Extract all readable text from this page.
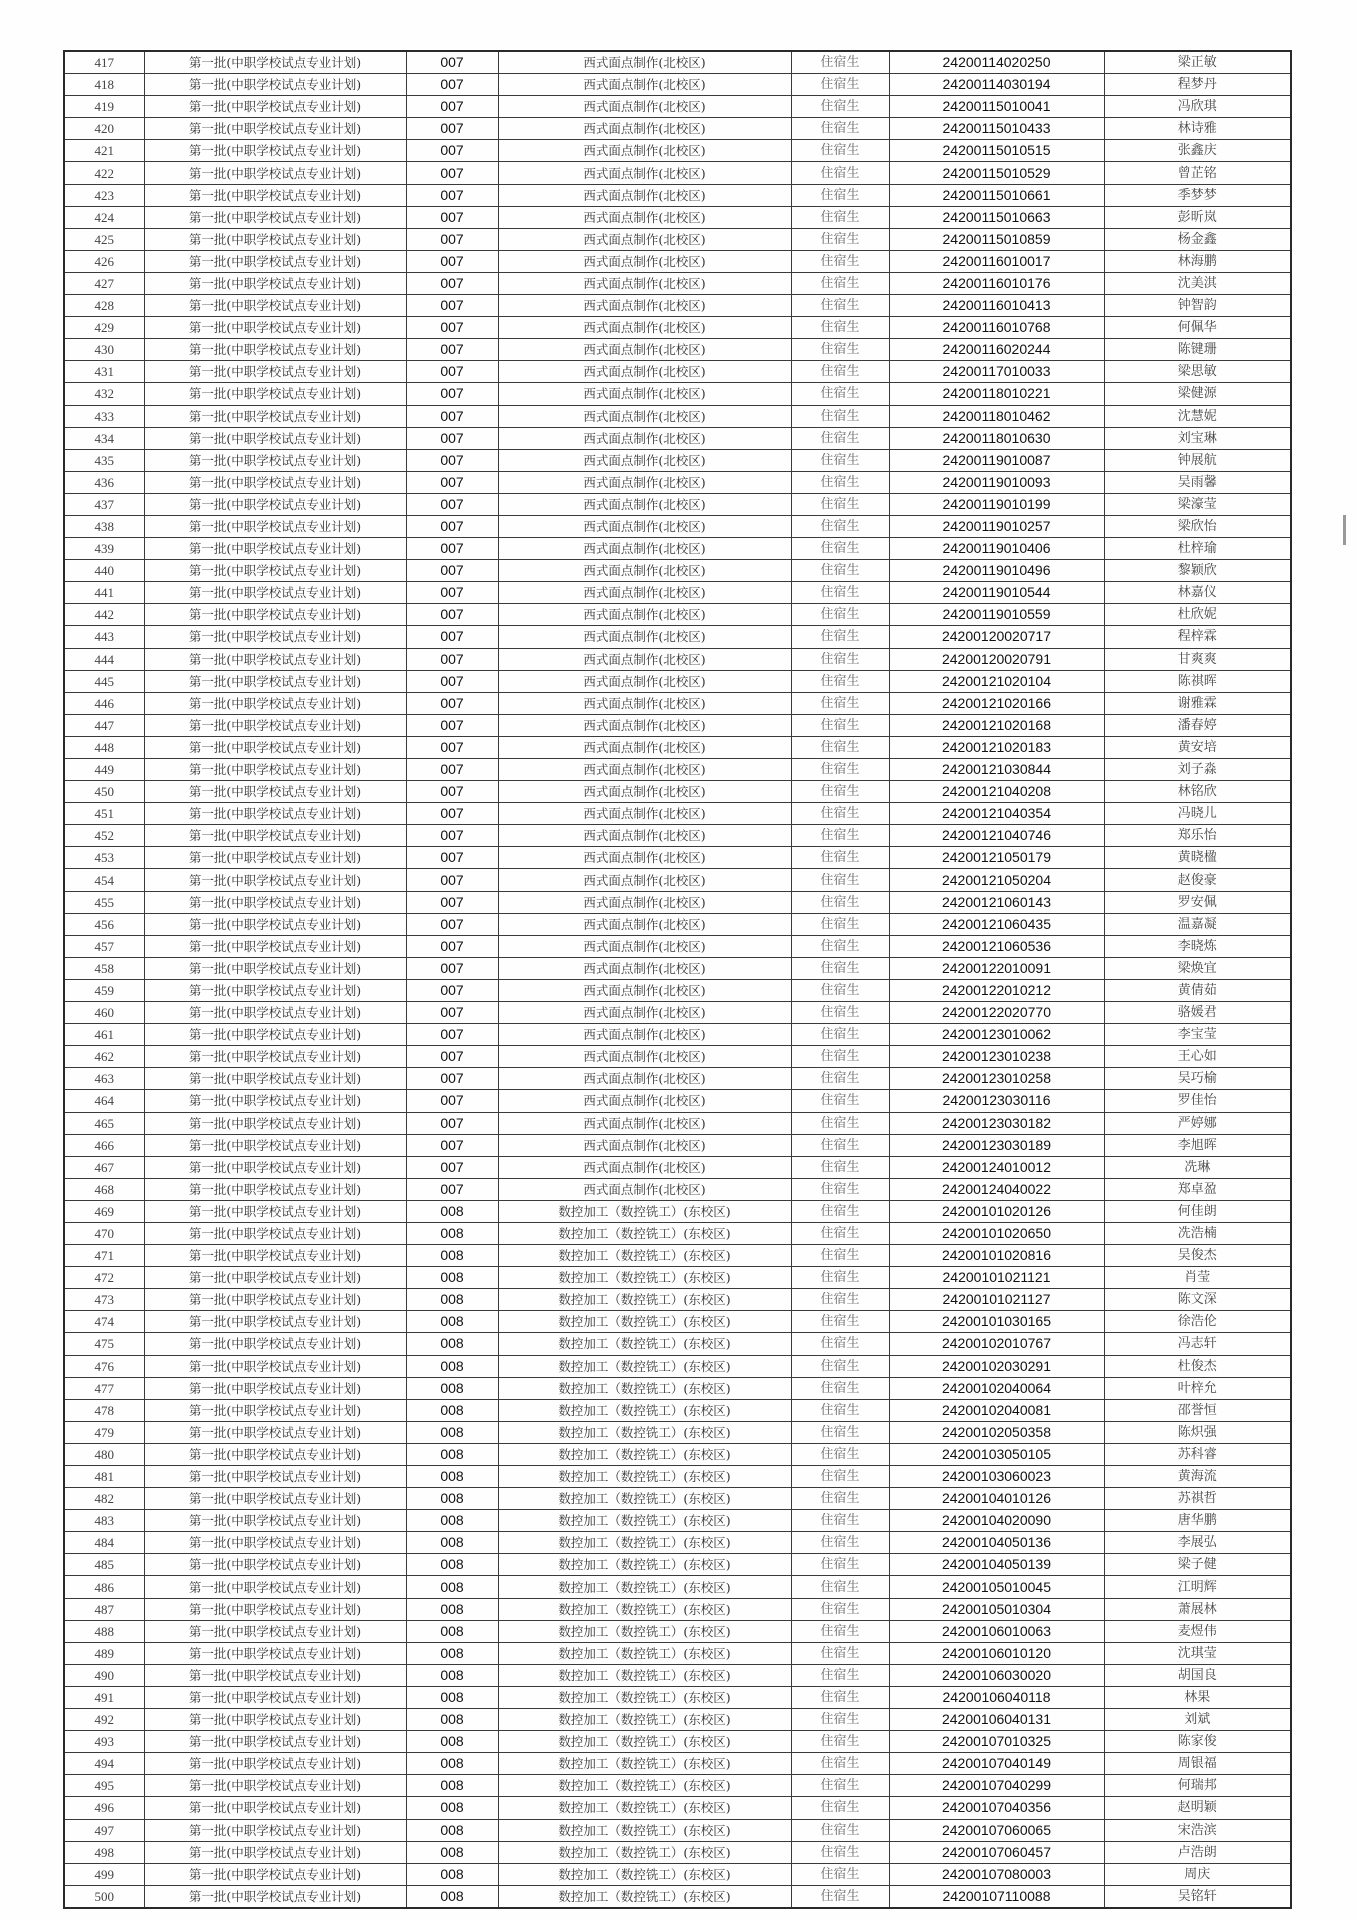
417	第一批(中职学校试点专业计划)	007	西式面点制作(北校区)	住宿生	24200114020250	梁正敏
418	第一批(中职学校试点专业计划)	007	西式面点制作(北校区)	住宿生	24200114030194	程梦丹
419	第一批(中职学校试点专业计划)	007	西式面点制作(北校区)	住宿生	24200115010041	冯欣琪
420	第一批(中职学校试点专业计划)	007	西式面点制作(北校区)	住宿生	24200115010433	林诗雅
421	第一批(中职学校试点专业计划)	007	西式面点制作(北校区)	住宿生	24200115010515	张鑫庆
422	第一批(中职学校试点专业计划)	007	西式面点制作(北校区)	住宿生	24200115010529	曾芷铭
423	第一批(中职学校试点专业计划)	007	西式面点制作(北校区)	住宿生	24200115010661	季梦梦
424	第一批(中职学校试点专业计划)	007	西式面点制作(北校区)	住宿生	24200115010663	彭昕岚
425	第一批(中职学校试点专业计划)	007	西式面点制作(北校区)	住宿生	24200115010859	杨金鑫
426	第一批(中职学校试点专业计划)	007	西式面点制作(北校区)	住宿生	24200116010017	林海鹏
427	第一批(中职学校试点专业计划)	007	西式面点制作(北校区)	住宿生	24200116010176	沈美淇
428	第一批(中职学校试点专业计划)	007	西式面点制作(北校区)	住宿生	24200116010413	钟智韵
429	第一批(中职学校试点专业计划)	007	西式面点制作(北校区)	住宿生	24200116010768	何佩华
430	第一批(中职学校试点专业计划)	007	西式面点制作(北校区)	住宿生	24200116020244	陈键珊
431	第一批(中职学校试点专业计划)	007	西式面点制作(北校区)	住宿生	24200117010033	梁思敏
432	第一批(中职学校试点专业计划)	007	西式面点制作(北校区)	住宿生	24200118010221	梁健源
433	第一批(中职学校试点专业计划)	007	西式面点制作(北校区)	住宿生	24200118010462	沈慧妮
434	第一批(中职学校试点专业计划)	007	西式面点制作(北校区)	住宿生	24200118010630	刘宝琳
435	第一批(中职学校试点专业计划)	007	西式面点制作(北校区)	住宿生	24200119010087	钟展航
436	第一批(中职学校试点专业计划)	007	西式面点制作(北校区)	住宿生	24200119010093	吴雨馨
437	第一批(中职学校试点专业计划)	007	西式面点制作(北校区)	住宿生	24200119010199	梁濠莹
438	第一批(中职学校试点专业计划)	007	西式面点制作(北校区)	住宿生	24200119010257	梁欣怡
439	第一批(中职学校试点专业计划)	007	西式面点制作(北校区)	住宿生	24200119010406	杜梓瑜
440	第一批(中职学校试点专业计划)	007	西式面点制作(北校区)	住宿生	24200119010496	黎颖欣
441	第一批(中职学校试点专业计划)	007	西式面点制作(北校区)	住宿生	24200119010544	林嘉仪
442	第一批(中职学校试点专业计划)	007	西式面点制作(北校区)	住宿生	24200119010559	杜欣妮
443	第一批(中职学校试点专业计划)	007	西式面点制作(北校区)	住宿生	24200120020717	程梓霖
444	第一批(中职学校试点专业计划)	007	西式面点制作(北校区)	住宿生	24200120020791	甘爽爽
445	第一批(中职学校试点专业计划)	007	西式面点制作(北校区)	住宿生	24200121020104	陈祺晖
446	第一批(中职学校试点专业计划)	007	西式面点制作(北校区)	住宿生	24200121020166	谢雅霖
447	第一批(中职学校试点专业计划)	007	西式面点制作(北校区)	住宿生	24200121020168	潘春婷
448	第一批(中职学校试点专业计划)	007	西式面点制作(北校区)	住宿生	24200121020183	黄安培
449	第一批(中职学校试点专业计划)	007	西式面点制作(北校区)	住宿生	24200121030844	刘子淼
450	第一批(中职学校试点专业计划)	007	西式面点制作(北校区)	住宿生	24200121040208	林铭欣
451	第一批(中职学校试点专业计划)	007	西式面点制作(北校区)	住宿生	24200121040354	冯晓儿
452	第一批(中职学校试点专业计划)	007	西式面点制作(北校区)	住宿生	24200121040746	郑乐怡
453	第一批(中职学校试点专业计划)	007	西式面点制作(北校区)	住宿生	24200121050179	黄晓楹
454	第一批(中职学校试点专业计划)	007	西式面点制作(北校区)	住宿生	24200121050204	赵俊豪
455	第一批(中职学校试点专业计划)	007	西式面点制作(北校区)	住宿生	24200121060143	罗安佩
456	第一批(中职学校试点专业计划)	007	西式面点制作(北校区)	住宿生	24200121060435	温嘉凝
457	第一批(中职学校试点专业计划)	007	西式面点制作(北校区)	住宿生	24200121060536	李晓炼
458	第一批(中职学校试点专业计划)	007	西式面点制作(北校区)	住宿生	24200122010091	梁焕宜
459	第一批(中职学校试点专业计划)	007	西式面点制作(北校区)	住宿生	24200122010212	黄倩茹
460	第一批(中职学校试点专业计划)	007	西式面点制作(北校区)	住宿生	24200122020770	骆媛君
461	第一批(中职学校试点专业计划)	007	西式面点制作(北校区)	住宿生	24200123010062	李宝莹
462	第一批(中职学校试点专业计划)	007	西式面点制作(北校区)	住宿生	24200123010238	王心如
463	第一批(中职学校试点专业计划)	007	西式面点制作(北校区)	住宿生	24200123010258	吴巧榆
464	第一批(中职学校试点专业计划)	007	西式面点制作(北校区)	住宿生	24200123030116	罗佳怡
465	第一批(中职学校试点专业计划)	007	西式面点制作(北校区)	住宿生	24200123030182	严婷娜
466	第一批(中职学校试点专业计划)	007	西式面点制作(北校区)	住宿生	24200123030189	李旭晖
467	第一批(中职学校试点专业计划)	007	西式面点制作(北校区)	住宿生	24200124010012	冼琳
468	第一批(中职学校试点专业计划)	007	西式面点制作(北校区)	住宿生	24200124040022	郑卓盈
469	第一批(中职学校试点专业计划)	008	数控加工（数控铣工）(东校区)	住宿生	24200101020126	何佳朗
470	第一批(中职学校试点专业计划)	008	数控加工（数控铣工）(东校区)	住宿生	24200101020650	冼浩楠
471	第一批(中职学校试点专业计划)	008	数控加工（数控铣工）(东校区)	住宿生	24200101020816	吴俊杰
472	第一批(中职学校试点专业计划)	008	数控加工（数控铣工）(东校区)	住宿生	24200101021121	肖莹
473	第一批(中职学校试点专业计划)	008	数控加工（数控铣工）(东校区)	住宿生	24200101021127	陈文深
474	第一批(中职学校试点专业计划)	008	数控加工（数控铣工）(东校区)	住宿生	24200101030165	徐浩伦
475	第一批(中职学校试点专业计划)	008	数控加工（数控铣工）(东校区)	住宿生	24200102010767	冯志轩
476	第一批(中职学校试点专业计划)	008	数控加工（数控铣工）(东校区)	住宿生	24200102030291	杜俊杰
477	第一批(中职学校试点专业计划)	008	数控加工（数控铣工）(东校区)	住宿生	24200102040064	叶梓允
478	第一批(中职学校试点专业计划)	008	数控加工（数控铣工）(东校区)	住宿生	24200102040081	邵誉恒
479	第一批(中职学校试点专业计划)	008	数控加工（数控铣工）(东校区)	住宿生	24200102050358	陈炽强
480	第一批(中职学校试点专业计划)	008	数控加工（数控铣工）(东校区)	住宿生	24200103050105	苏科睿
481	第一批(中职学校试点专业计划)	008	数控加工（数控铣工）(东校区)	住宿生	24200103060023	黄海流
482	第一批(中职学校试点专业计划)	008	数控加工（数控铣工）(东校区)	住宿生	24200104010126	苏祺哲
483	第一批(中职学校试点专业计划)	008	数控加工（数控铣工）(东校区)	住宿生	24200104020090	唐华鹏
484	第一批(中职学校试点专业计划)	008	数控加工（数控铣工）(东校区)	住宿生	24200104050136	李展弘
485	第一批(中职学校试点专业计划)	008	数控加工（数控铣工）(东校区)	住宿生	24200104050139	梁子健
486	第一批(中职学校试点专业计划)	008	数控加工（数控铣工）(东校区)	住宿生	24200105010045	江明辉
487	第一批(中职学校试点专业计划)	008	数控加工（数控铣工）(东校区)	住宿生	24200105010304	萧展林
488	第一批(中职学校试点专业计划)	008	数控加工（数控铣工）(东校区)	住宿生	24200106010063	麦煜伟
489	第一批(中职学校试点专业计划)	008	数控加工（数控铣工）(东校区)	住宿生	24200106010120	沈琪莹
490	第一批(中职学校试点专业计划)	008	数控加工（数控铣工）(东校区)	住宿生	24200106030020	胡国良
491	第一批(中职学校试点专业计划)	008	数控加工（数控铣工）(东校区)	住宿生	24200106040118	林果
492	第一批(中职学校试点专业计划)	008	数控加工（数控铣工）(东校区)	住宿生	24200106040131	刘斌
493	第一批(中职学校试点专业计划)	008	数控加工（数控铣工）(东校区)	住宿生	24200107010325	陈家俊
494	第一批(中职学校试点专业计划)	008	数控加工（数控铣工）(东校区)	住宿生	24200107040149	周银福
495	第一批(中职学校试点专业计划)	008	数控加工（数控铣工）(东校区)	住宿生	24200107040299	何瑞邦
496	第一批(中职学校试点专业计划)	008	数控加工（数控铣工）(东校区)	住宿生	24200107040356	赵明颖
497	第一批(中职学校试点专业计划)	008	数控加工（数控铣工）(东校区)	住宿生	24200107060065	宋浩滨
498	第一批(中职学校试点专业计划)	008	数控加工（数控铣工）(东校区)	住宿生	24200107060457	卢浩朗
499	第一批(中职学校试点专业计划)	008	数控加工（数控铣工）(东校区)	住宿生	24200107080003	周庆
500	第一批(中职学校试点专业计划)	008	数控加工（数控铣工）(东校区)	住宿生	24200107110088	吴铭轩
